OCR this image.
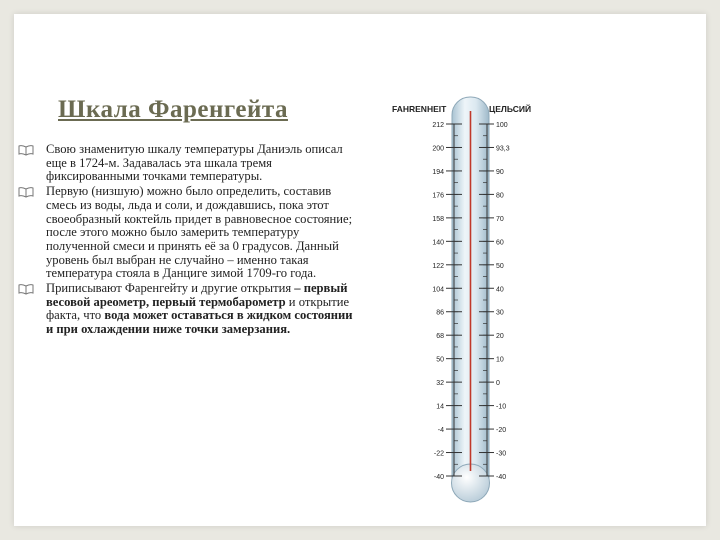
Шкала Фаренгейта
Свою знаменитую шкалу температуры Даниэль описал еще в 1724-м. Задавалась эта шкала тремя фиксированными точками температуры.
Первую (низшую) можно было определить, составив смесь из воды, льда и соли, и дождавшись, пока этот своеобразный коктейль придет в равновесное состояние; после этого можно было замерить температуру полученной смеси и принять её за 0 градусов. Данный уровень был выбран не случайно – именно такая температура стояла в Данциге зимой 1709-го года.
Приписывают Фаренгейту и другие открытия – первый весовой ареометр, первый термобарометр и открытие факта, что вода может оставаться в жидком состоянии и при охлаждении ниже точки замерзания.
FAHRENHEIT	ЦЕЛЬСИЙ
212	100
200	93,3
194	90
176	80
158	70
140	60
122	50
104	40
86	30
68	20
50	10
32	0
14	-10
-4	-20
-22	-30
-40	-40
